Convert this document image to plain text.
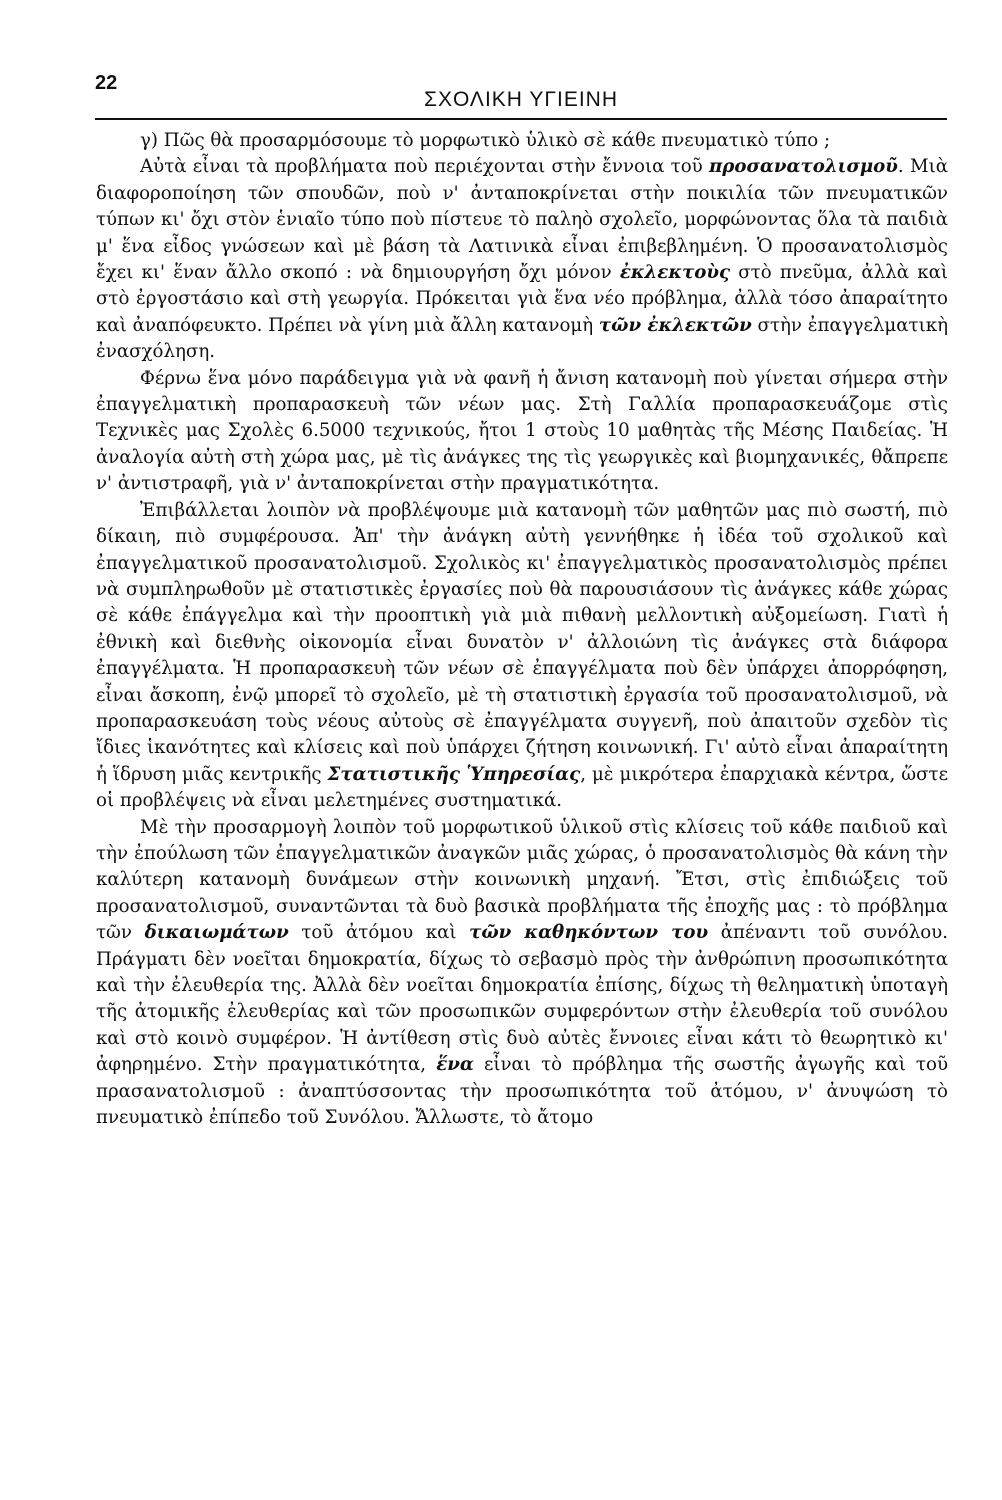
22
ΣΧΟΛΙΚΗ ΥΓΙΕΙΝΗ

γ) Πῶς θὰ προσαρμόσουμε τὸ μορφωτικὸ ὑλικὸ σὲ κάθε πνευματικὸ τύπο ;

Αὐτὰ εἶναι τὰ προβλήματα ποὺ περιέχονται στὴν ἔννοια τοῦ προσανατολισμοῦ. Μιὰ διαφοροποίηση τῶν σπουδῶν, ποὺ ν' ἀνταποκρίνεται στὴν ποικιλία τῶν πνευματικῶν τύπων κι' ὄχι στὸν ἑνιαῖο τύπο ποὺ πίστευε τὸ παληὸ σχολεῖο, μορφώνοντας ὅλα τὰ παιδιὰ μ' ἕνα εἶδος γνώσεων καὶ μὲ βάση τὰ Λατινικὰ εἶναι ἐπιβεβλημένη. Ὁ προσανατολισμὸς ἔχει κι' ἕναν ἄλλο σκοπό : νὰ δημιουργήση ὄχι μόνον ἐκλεκτοὺς στὸ πνεῦμα, ἀλλὰ καὶ στὸ ἐργοστάσιο καὶ στὴ γεωργία. Πρόκειται γιὰ ἕνα νέο πρόβλημα, ἀλλὰ τόσο ἀπαραίτητο καὶ ἀναπόφευκτο. Πρέπει νὰ γίνη μιὰ ἄλλη κατανομὴ τῶν ἐκλεκτῶν στὴν ἐπαγγελματικὴ ἐνασχόληση.

Φέρνω ἕνα μόνο παράδειγμα γιὰ νὰ φανῆ ἡ ἄνιση κατανομὴ ποὺ γίνεται σήμερα στὴν ἐπαγγελματικὴ προπαρασκευὴ τῶν νέων μας. Στὴ Γαλλία προπαρασκευάζομε στὶς Τεχνικὲς μας Σχολὲς 6.5000 τεχνικούς, ἤτοι 1 στοὺς 10 μαθητὰς τῆς Μέσης Παιδείας. Ἡ ἀναλογία αὐτὴ στὴ χώρα μας, μὲ τὶς ἀνάγκες της τὶς γεωργικὲς καὶ βιομηχανικές, θἄπρεπε ν' ἀντιστραφῆ, γιὰ ν' ἀνταποκρίνεται στὴν πραγματικότητα.

Ἐπιβάλλεται λοιπὸν νὰ προβλέψουμε μιὰ κατανομὴ τῶν μαθητῶν μας πιὸ σωστή, πιὸ δίκαιη, πιὸ συμφέρουσα. Ἀπ' τὴν ἀνάγκη αὐτὴ γεννήθηκε ἡ ἰδέα τοῦ σχολικοῦ καὶ ἐπαγγελματικοῦ προσανατολισμοῦ. Σχολικὸς κι' ἐπαγγελματικὸς προσανατολισμὸς πρέπει νὰ συμπληρωθοῦν μὲ στατιστικὲς ἐργασίες ποὺ θὰ παρουσιάσουν τὶς ἀνάγκες κάθε χώρας σὲ κάθε ἐπάγγελμα καὶ τὴν προοπτικὴ γιὰ μιὰ πιθανὴ μελλοντικὴ αὐξομείωση. Γιατὶ ἡ ἐθνικὴ καὶ διεθνὴς οἰκονομία εἶναι δυνατὸν ν' ἀλλοιώνη τὶς ἀνάγκες στὰ διάφορα ἐπαγγέλματα. Ἡ προπαρασκευὴ τῶν νέων σὲ ἐπαγγέλματα ποὺ δὲν ὑπάρχει ἀπορρόφηση, εἶναι ἄσκοπη, ἐνῷ μπορεῖ τὸ σχολεῖο, μὲ τὴ στατιστικὴ ἐργασία τοῦ προσανατολισμοῦ, νὰ προπαρασκευάση τοὺς νέους αὐτοὺς σὲ ἐπαγγέλματα συγγενῆ, ποὺ ἀπαιτοῦν σχεδὸν τὶς ἴδιες ἱκανότητες καὶ κλίσεις καὶ ποὺ ὑπάρχει ζήτηση κοινωνική. Γι' αὐτὸ εἶναι ἀπαραίτητη ἡ ἵδρυση μιᾶς κεντρικῆς Στατιστικῆς Ὑπηρεσίας, μὲ μικρότερα ἐπαρχιακὰ κέντρα, ὥστε οἱ προβλέψεις νὰ εἶναι μελετημένες συστηματικά.

Μὲ τὴν προσαρμογὴ λοιπὸν τοῦ μορφωτικοῦ ὑλικοῦ στὶς κλίσεις τοῦ κάθε παιδιοῦ καὶ τὴν ἐπούλωση τῶν ἐπαγγελματικῶν ἀναγκῶν μιᾶς χώρας, ὁ προσανατολισμὸς θὰ κάνη τὴν καλύτερη κατανομὴ δυνάμεων στὴν κοινωνικὴ μηχανή. Ἔτσι, στὶς ἐπιδιώξεις τοῦ προσανατολισμοῦ, συναντῶνται τὰ δυὸ βασικὰ προβλήματα τῆς ἐποχῆς μας : τὸ πρόβλημα τῶν δικαιωμάτων τοῦ ἀτόμου καὶ τῶν καθηκόντων του ἀπέναντι τοῦ συνόλου. Πράγματι δὲν νοεῖται δημοκρατία, δίχως τὸ σεβασμὸ πρὸς τὴν ἀνθρώπινη προσωπικότητα καὶ τὴν ἐλευθερία της. Ἀλλὰ δὲν νοεῖται δημοκρατία ἐπίσης, δίχως τὴ θεληματικὴ ὑποταγὴ τῆς ἀτομικῆς ἐλευθερίας καὶ τῶν προσωπικῶν συμφερόντων στὴν ἐλευθερία τοῦ συνόλου καὶ στὸ κοινὸ συμφέρον. Ἡ ἀντίθεση στὶς δυὸ αὐτὲς ἔννοιες εἶναι κάτι τὸ θεωρητικὸ κι' ἀφηρημένο. Στὴν πραγματικότητα, ἕνα εἶναι τὸ πρόβλημα τῆς σωστῆς ἀγωγῆς καὶ τοῦ πρασανατολισμοῦ : ἀναπτύσσοντας τὴν προσωπικότητα τοῦ ἀτόμου, ν' ἀνυψώση τὸ πνευματικὸ ἐπίπεδο τοῦ Συνόλου. Ἄλλωστε, τὸ ἄτομο
